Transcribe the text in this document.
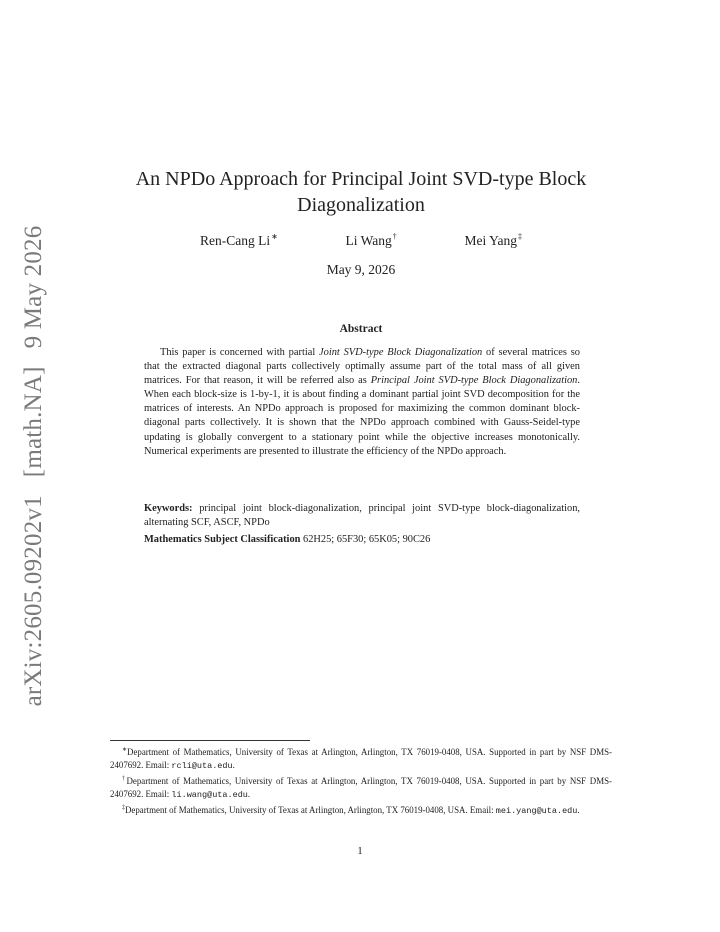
arXiv:2605.09202v1[math.NA]9 May 2026
An NPDo Approach for Principal Joint SVD-type Block Diagonalization
Ren-Cang Li∗	Li Wang†	Mei Yang‡
May 9, 2026
Abstract

This paper is concerned with partial Joint SVD-type Block Diagonalization of several matrices so that the extracted diagonal parts collectively optimally assume part of the total mass of all given matrices. For that reason, it will be referred also as Principal Joint SVD-type Block Diagonalization. When each block-size is 1-by-1, it is about finding a dominant partial joint SVD decomposition for the matrices of interests. An NPDo approach is proposed for maximizing the common dominant block-diagonal parts collectively. It is shown that the NPDo approach combined with Gauss-Seidel-type updating is globally convergent to a stationary point while the objective increases monotonically. Numerical experiments are presented to illustrate the efficiency of the NPDo approach.

Keywords: principal joint block-diagonalization, principal joint SVD-type block-diagonalization, alternating SCF, ASCF, NPDo

Mathematics Subject Classification 62H25; 65F30; 65K05; 90C26

∗Department of Mathematics, University of Texas at Arlington, Arlington, TX 76019-0408, USA. Supported in part by NSF DMS-2407692. Email: rcli@uta.edu.

†Department of Mathematics, University of Texas at Arlington, Arlington, TX 76019-0408, USA. Supported in part by NSF DMS-2407692. Email: li.wang@uta.edu.

‡Department of Mathematics, University of Texas at Arlington, Arlington, TX 76019-0408, USA. Email: mei.yang@uta.edu.

1
